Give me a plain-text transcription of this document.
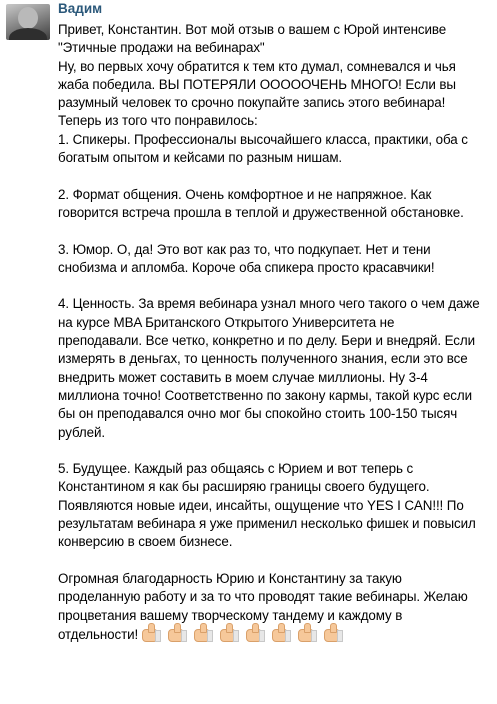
Вадим
Привет, Константин. Вот мой отзыв о вашем с Юрой интенсиве
"Этичные продажи на вебинарах"
Ну, во первых хочу обратится к тем кто думал, сомневался и чья
жаба победила. ВЫ ПОТЕРЯЛИ ОООООЧЕНЬ МНОГО! Если вы
разумный человек то срочно покупайте запись этого вебинара!
Теперь из того что понравилось:
1. Спикеры. Профессионалы высочайшего класса, практики, оба с
богатым опытом и кейсами по разным нишам.
2. Формат общения. Очень комфортное и не напряжное. Как
говорится встреча прошла в теплой и дружественной обстановке.
3. Юмор. О, да! Это вот как раз то, что подкупает. Нет и тени
снобизма и апломба. Короче оба спикера просто красавчики!
4. Ценность. За время вебинара узнал много чего такого о чем даже
на курсе MBA Британского Открытого Университета не
преподавали. Все четко, конкретно и по делу. Бери и внедряй. Если
измерять в деньгах, то ценность полученного знания, если это все
внедрить может составить в моем случае миллионы. Ну 3-4
миллиона точно! Соответственно по закону кармы, такой курс если
бы он преподавался очно мог бы спокойно стоить 100-150 тысяч
рублей.
5. Будущее. Каждый раз общаясь с Юрием и вот теперь с
Константином я как бы расширяю границы своего будущего.
Появляются новые идеи, инсайты, ощущение что YES I CAN!!! По
результатам вебинара я уже применил несколько фишек и повысил
конверсию в своем бизнесе.
Огромная благодарность Юрию и Константину за такую
проделанную работу и за то что проводят такие вебинары. Желаю
процветания вашему творческому тандему и каждому в
отдельности!
